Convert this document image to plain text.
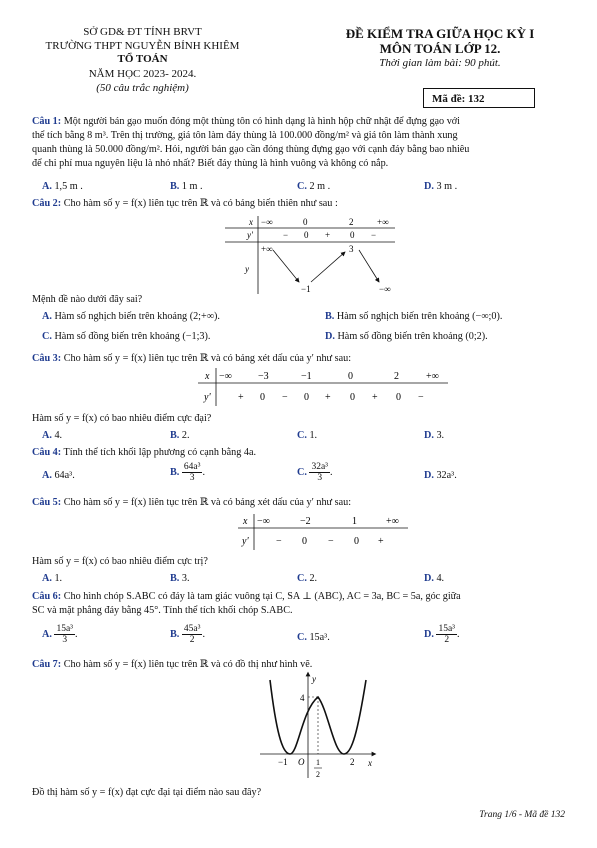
SỞ GD& ĐT TỈNH BRVT
TRƯỜNG THPT NGUYỄN BỈNH KHIÊM
TỔ TOÁN
NĂM HỌC 2023- 2024.
(50 câu trắc nghiệm)
ĐỀ KIỂM TRA GIỮA HỌC KỲ I
MÔN TOÁN LỚP 12.
Thời gian làm bài: 90 phút.
Mã đề: 132
Câu 1: Một người bán gạo muốn đóng một thùng tôn có hình dạng là hình hộp chữ nhật để đựng gạo với
thể tích bằng 8 m³. Trên thị trường, giá tôn làm đáy thùng là 100.000 đồng/m² và giá tôn làm thành xung
quanh thùng là 50.000 đồng/m². Hỏi, người bán gạo cần đóng thùng đựng gạo với cạnh đáy bằng bao nhiêu
để chi phí mua nguyên liệu là nhỏ nhất? Biết đáy thùng là hình vuông và không có nắp.
A. 1,5 m .	B. 1 m .	C. 2 m .	D. 3 m .
Câu 2: Cho hàm số y = f(x) liên tục trên ℝ và có bảng biến thiên như sau :
x −∞	0	2	+∞
y'	− 0 + 0 −
y
+∞	3
−1	−∞
Mệnh đề nào dưới đây sai?
A. Hàm số nghịch biến trên khoảng (2;+∞).	B. Hàm số nghịch biến trên khoảng (−∞;0).
C. Hàm số đồng biến trên khoảng (−1;3).	D. Hàm số đồng biến trên khoảng (0;2).
Câu 3: Cho hàm số y = f(x) liên tục trên ℝ và có bảng xét dấu của y′ như sau:
x −∞	−3	−1	0	2	+∞
y'	+ 0 − 0 + 0 + 0 −
Hàm số y = f(x) có bao nhiêu điểm cực đại?
A. 4.	B. 2.	C. 1.	D. 3.
Câu 4: Tính thể tích khối lập phương có cạnh bằng 4a.
A. 64a³.	B. $\frac{\text{64a³}}{3}$ .	C. $\frac{\text{32a³}}{3}$ .	D. 32a³.
Câu 5: Cho hàm số y = f(x) liên tục trên ℝ và có bảng xét dấu của y′ như sau:
x −∞	−2	1	+∞
y'	− 0 − 0 +
Hàm số y = f(x) có bao nhiêu điểm cực trị?
A. 1.	B. 3.	C. 2.	D. 4.
Câu 6: Cho hình chóp S.ABC có đáy là tam giác vuông tại C, SA ⊥ (ABC), AC = 3a, BC = 5a, góc giữa
SC và mặt phẳng đáy bằng 45°. Tính thể tích khối chóp S.ABC.
A. $\frac{\text{15a³}}{3}$ .	B. $\frac{\text{45a³}}{2}$ .	C. 15a³.	D. $\frac{\text{15a³}}{2}$ .
Câu 7: Cho hàm số y = f(x) liên tục trên ℝ và có đồ thị như hình vẽ.
y
x
4
O
−1	2
1
2
Đồ thị hàm số y = f(x) đạt cực đại tại điểm nào sau đây?
Trang 1/6 - Mã đề 132
